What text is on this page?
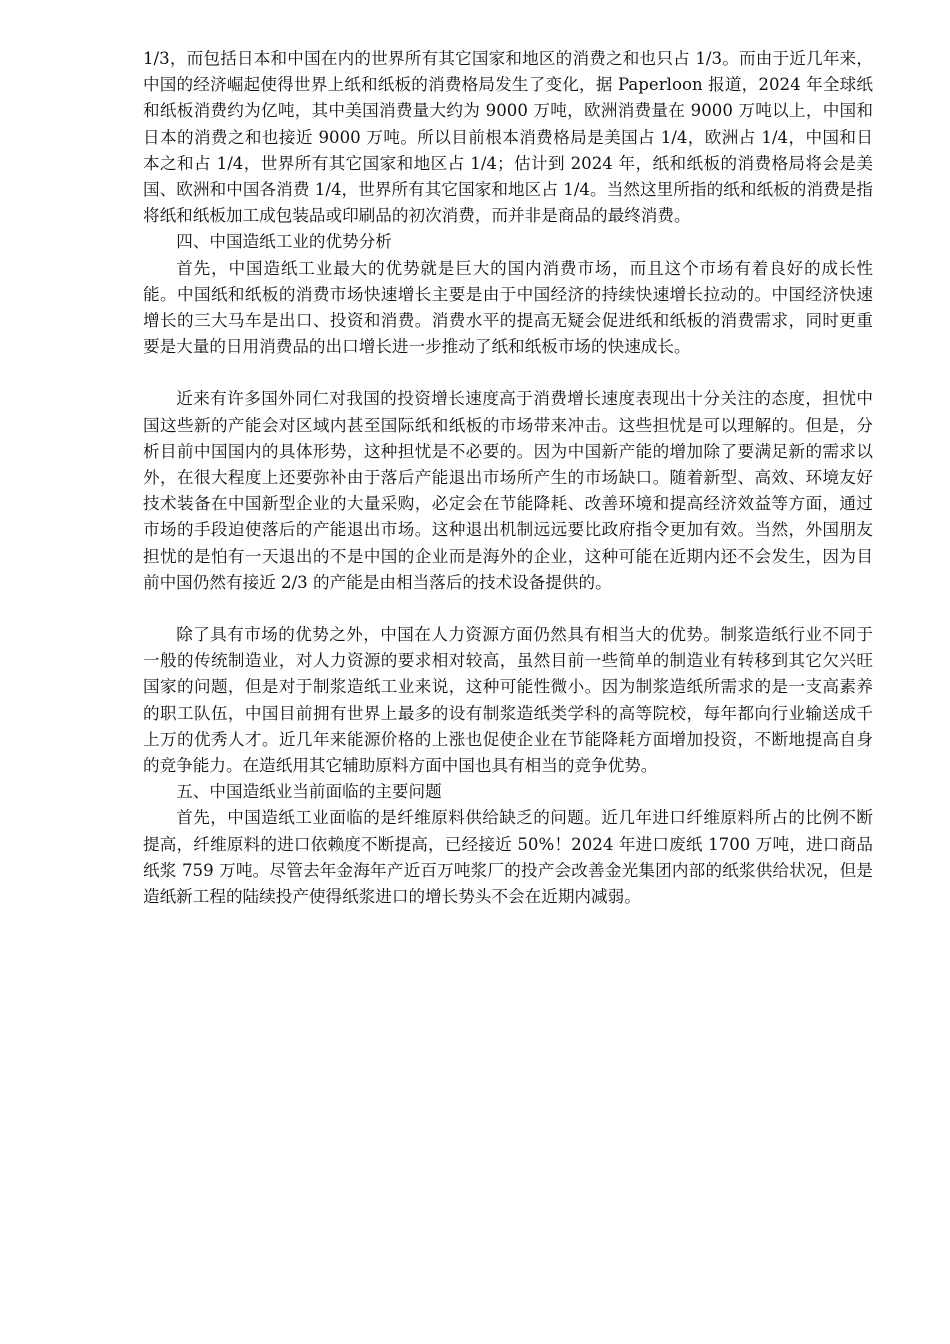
1/3，而包括日本和中国在内的世界所有其它国家和地区的消费之和也只占 1/3。而由于近几年来，中国的经济崛起使得世界上纸和纸板的消费格局发生了变化，据 Paperloon 报道，2024 年全球纸和纸板消费约为亿吨，其中美国消费量大约为 9000 万吨，欧洲消费量在 9000 万吨以上，中国和日本的消费之和也接近 9000 万吨。所以目前根本消费格局是美国占 1/4，欧洲占 1/4，中国和日本之和占 1/4，世界所有其它国家和地区占 1/4；估计到 2024 年，纸和纸板的消费格局将会是美国、欧洲和中国各消费 1/4，世界所有其它国家和地区占 1/4。当然这里所指的纸和纸板的消费是指将纸和纸板加工成包装品或印刷品的初次消费，而并非是商品的最终消费。

四、中国造纸工业的优势分析

首先，中国造纸工业最大的优势就是巨大的国内消费市场，而且这个市场有着良好的成长性能。中国纸和纸板的消费市场快速增长主要是由于中国经济的持续快速增长拉动的。中国经济快速增长的三大马车是出口、投资和消费。消费水平的提高无疑会促进纸和纸板的消费需求，同时更重要是大量的日用消费品的出口增长进一步推动了纸和纸板市场的快速成长。

近来有许多国外同仁对我国的投资增长速度高于消费增长速度表现出十分关注的态度，担忧中国这些新的产能会对区域内甚至国际纸和纸板的市场带来冲击。这些担忧是可以理解的。但是，分析目前中国国内的具体形势，这种担忧是不必要的。因为中国新产能的增加除了要满足新的需求以外，在很大程度上还要弥补由于落后产能退出市场所产生的市场缺口。随着新型、高效、环境友好技术装备在中国新型企业的大量采购，必定会在节能降耗、改善环境和提高经济效益等方面，通过市场的手段迫使落后的产能退出市场。这种退出机制远远要比政府指令更加有效。当然，外国朋友担忧的是怕有一天退出的不是中国的企业而是海外的企业，这种可能在近期内还不会发生，因为目前中国仍然有接近 2/3 的产能是由相当落后的技术设备提供的。

除了具有市场的优势之外，中国在人力资源方面仍然具有相当大的优势。制浆造纸行业不同于一般的传统制造业，对人力资源的要求相对较高，虽然目前一些简单的制造业有转移到其它欠兴旺国家的问题，但是对于制浆造纸工业来说，这种可能性微小。因为制浆造纸所需求的是一支高素养的职工队伍，中国目前拥有世界上最多的设有制浆造纸类学科的高等院校，每年都向行业输送成千上万的优秀人才。近几年来能源价格的上涨也促使企业在节能降耗方面增加投资，不断地提高自身的竞争能力。在造纸用其它辅助原料方面中国也具有相当的竞争优势。

五、中国造纸业当前面临的主要问题

首先，中国造纸工业面临的是纤维原料供给缺乏的问题。近几年进口纤维原料所占的比例不断提高，纤维原料的进口依赖度不断提高，已经接近 50%！2024 年进口废纸 1700 万吨，进口商品纸浆 759 万吨。尽管去年金海年产近百万吨浆厂的投产会改善金光集团内部的纸浆供给状况，但是造纸新工程的陆续投产使得纸浆进口的增长势头不会在近期内减弱。
